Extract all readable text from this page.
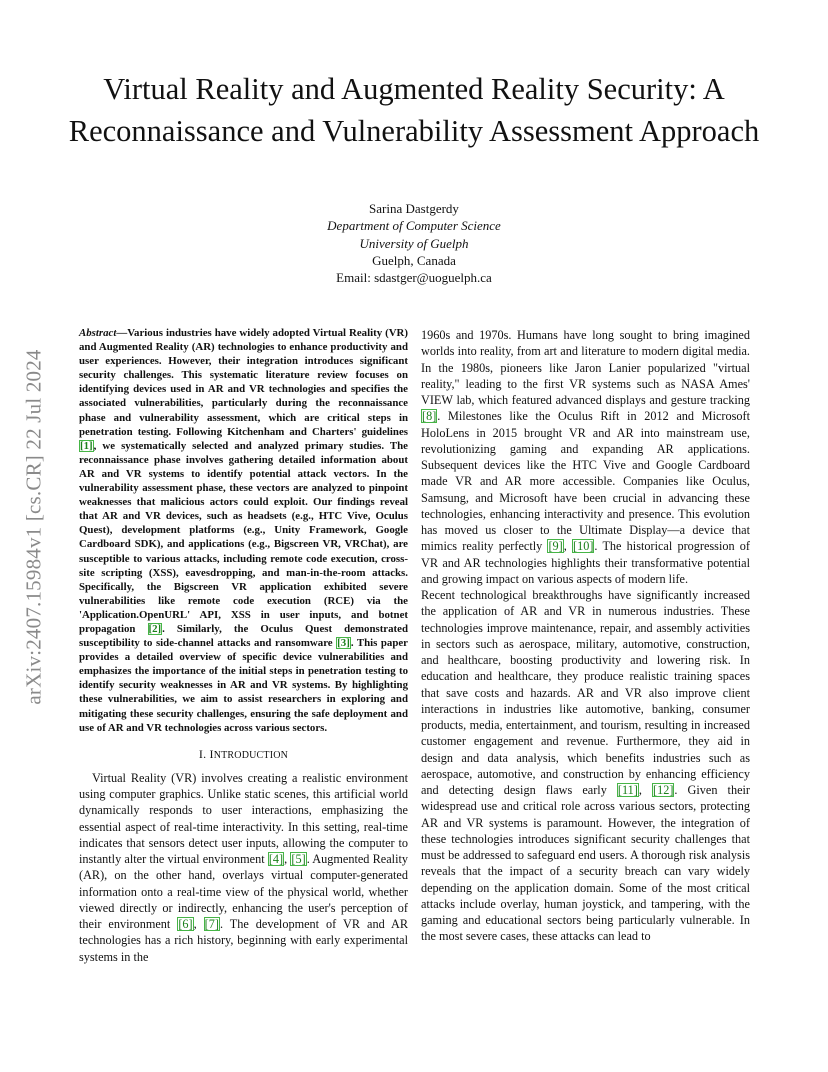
arXiv:2407.15984v1 [cs.CR] 22 Jul 2024
Virtual Reality and Augmented Reality Security: A Reconnaissance and Vulnerability Assessment Approach
Sarina Dastgerdy
Department of Computer Science
University of Guelph
Guelph, Canada
Email: sdastger@uoguelph.ca

Abstract—Various industries have widely adopted Virtual Reality (VR) and Augmented Reality (AR) technologies to enhance productivity and user experiences. However, their integration introduces significant security challenges. This systematic literature review focuses on identifying devices used in AR and VR technologies and specifies the associated vulnerabilities, particularly during the reconnaissance phase and vulnerability assessment, which are critical steps in penetration testing. Following Kitchenham and Charters' guidelines [1], we systematically selected and analyzed primary studies. The reconnaissance phase involves gathering detailed information about AR and VR systems to identify potential attack vectors. In the vulnerability assessment phase, these vectors are analyzed to pinpoint weaknesses that malicious actors could exploit. Our findings reveal that AR and VR devices, such as headsets (e.g., HTC Vive, Oculus Quest), development platforms (e.g., Unity Framework, Google Cardboard SDK), and applications (e.g., Bigscreen VR, VRChat), are susceptible to various attacks, including remote code execution, cross-site scripting (XSS), eavesdropping, and man-in-the-room attacks. Specifically, the Bigscreen VR application exhibited severe vulnerabilities like remote code execution (RCE) via the 'Application.OpenURL' API, XSS in user inputs, and botnet propagation [2]. Similarly, the Oculus Quest demonstrated susceptibility to side-channel attacks and ransomware [3]. This paper provides a detailed overview of specific device vulnerabilities and emphasizes the importance of the initial steps in penetration testing to identify security weaknesses in AR and VR systems. By highlighting these vulnerabilities, we aim to assist researchers in exploring and mitigating these security challenges, ensuring the safe deployment and use of AR and VR technologies across various sectors.

I. INTRODUCTION

Virtual Reality (VR) involves creating a realistic environment using computer graphics. Unlike static scenes, this artificial world dynamically responds to user interactions, emphasizing the essential aspect of real-time interactivity. In this setting, real-time indicates that sensors detect user inputs, allowing the computer to instantly alter the virtual environment [4], [5]. Augmented Reality (AR), on the other hand, overlays virtual computer-generated information onto a real-time view of the physical world, whether viewed directly or indirectly, enhancing the user's perception of their environment [6], [7]. The development of VR and AR technologies has a rich history, beginning with early experimental systems in the

1960s and 1970s. Humans have long sought to bring imagined worlds into reality, from art and literature to modern digital media. In the 1980s, pioneers like Jaron Lanier popularized "virtual reality," leading to the first VR systems such as NASA Ames' VIEW lab, which featured advanced displays and gesture tracking [8]. Milestones like the Oculus Rift in 2012 and Microsoft HoloLens in 2015 brought VR and AR into mainstream use, revolutionizing gaming and expanding AR applications. Subsequent devices like the HTC Vive and Google Cardboard made VR and AR more accessible. Companies like Oculus, Samsung, and Microsoft have been crucial in advancing these technologies, enhancing interactivity and presence. This evolution has moved us closer to the Ultimate Display—a device that mimics reality perfectly [9], [10]. The historical progression of VR and AR technologies highlights their transformative potential and growing impact on various aspects of modern life.

Recent technological breakthroughs have significantly increased the application of AR and VR in numerous industries. These technologies improve maintenance, repair, and assembly activities in sectors such as aerospace, military, automotive, construction, and healthcare, boosting productivity and lowering risk. In education and healthcare, they produce realistic training spaces that save costs and hazards. AR and VR also improve client interactions in industries like automotive, banking, consumer products, media, entertainment, and tourism, resulting in increased customer engagement and revenue. Furthermore, they aid in design and data analysis, which benefits industries such as aerospace, automotive, and construction by enhancing efficiency and detecting design flaws early [11], [12]. Given their widespread use and critical role across various sectors, protecting AR and VR systems is paramount. However, the integration of these technologies introduces significant security challenges that must be addressed to safeguard end users. A thorough risk analysis reveals that the impact of a security breach can vary widely depending on the application domain. Some of the most critical attacks include overlay, human joystick, and tampering, with the gaming and educational sectors being particularly vulnerable. In the most severe cases, these attacks can lead to
